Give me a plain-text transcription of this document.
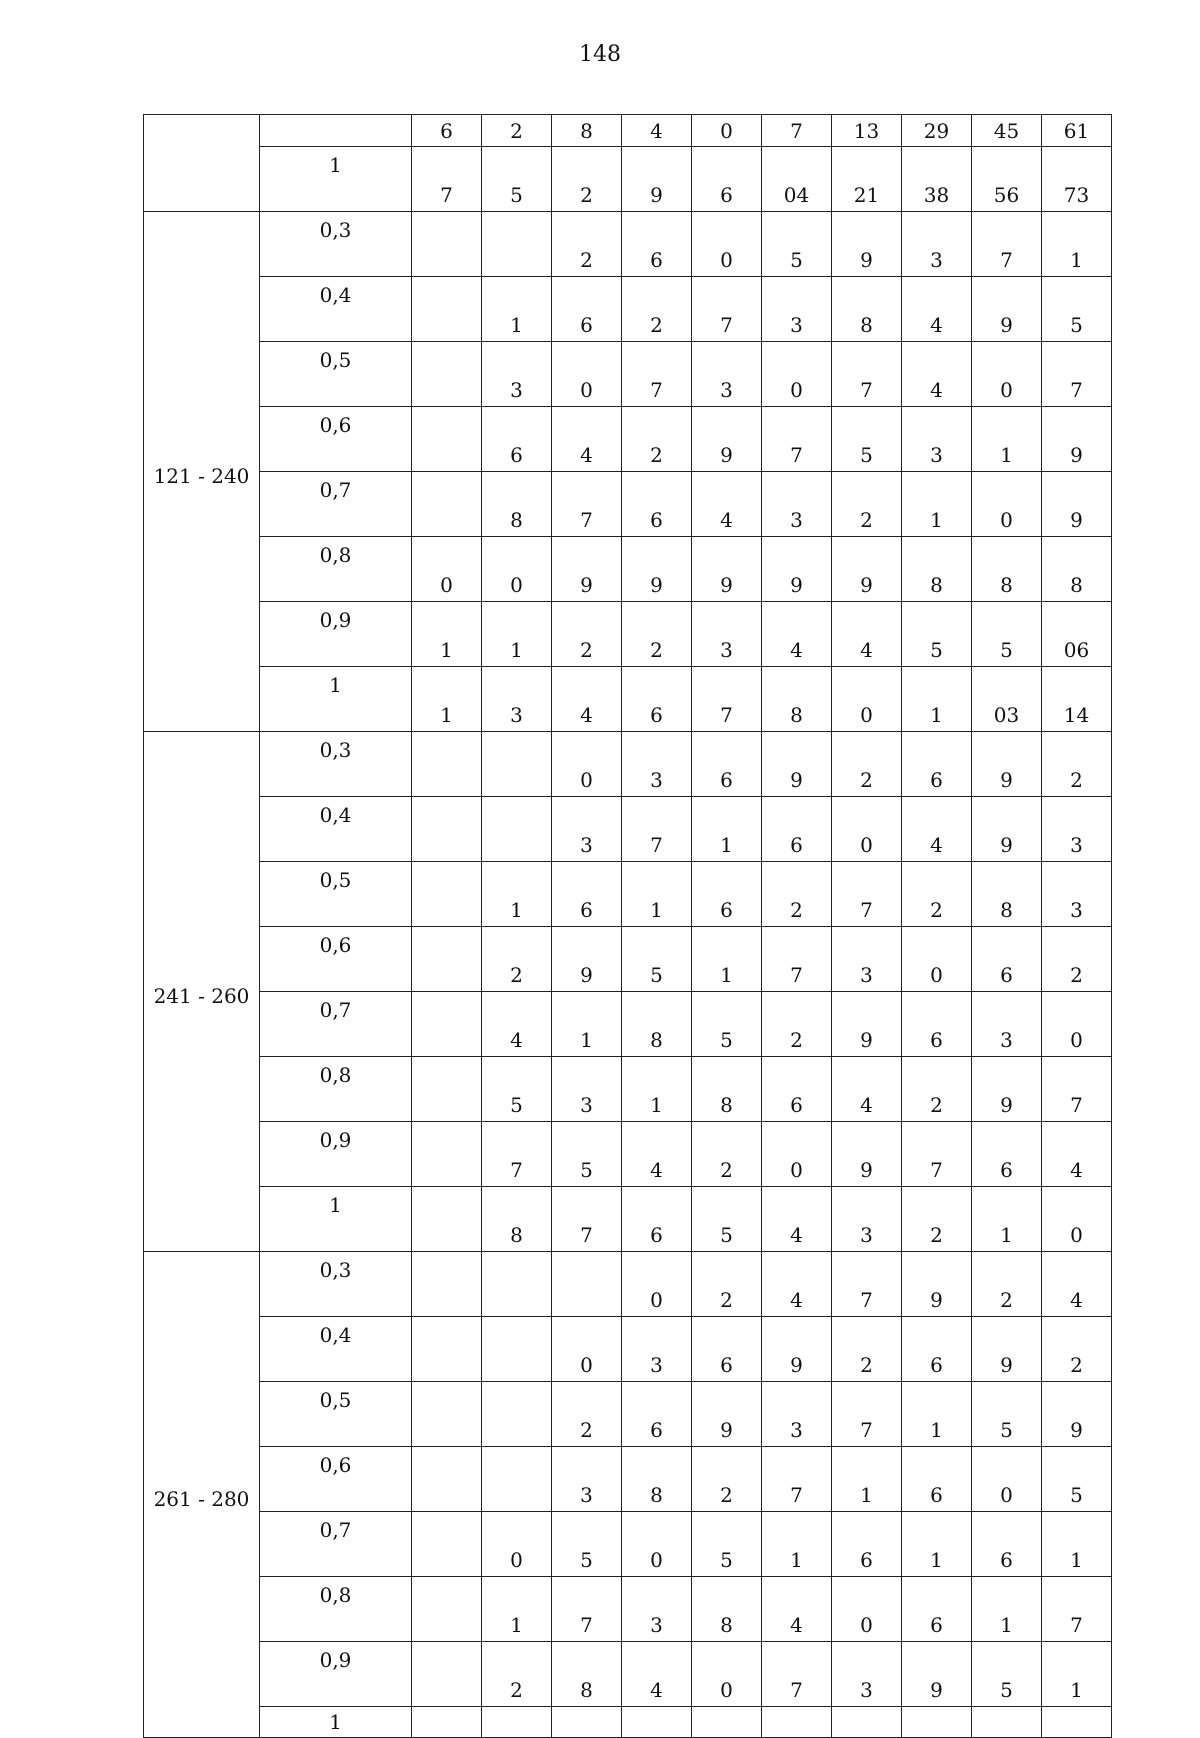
148
		6	2	8	4	0	7	13	29	45	61
	1	7	5	2	9	6	04	21	38	56	73
121 - 240	0,3			2	6	0	5	9	3	7	1
	0,4		1	6	2	7	3	8	4	9	5
	0,5		3	0	7	3	0	7	4	0	7
	0,6		6	4	2	9	7	5	3	1	9
	0,7		8	7	6	4	3	2	1	0	9
	0,8	0	0	9	9	9	9	9	8	8	8
	0,9	1	1	2	2	3	4	4	5	5	06
	1	1	3	4	6	7	8	0	1	03	14
241 - 260	0,3			0	3	6	9	2	6	9	2
	0,4			3	7	1	6	0	4	9	3
	0,5		1	6	1	6	2	7	2	8	3
	0,6		2	9	5	1	7	3	0	6	2
	0,7		4	1	8	5	2	9	6	3	0
	0,8		5	3	1	8	6	4	2	9	7
	0,9		7	5	4	2	0	9	7	6	4
	1		8	7	6	5	4	3	2	1	0
261 - 280	0,3				0	2	4	7	9	2	4
	0,4			0	3	6	9	2	6	9	2
	0,5			2	6	9	3	7	1	5	9
	0,6			3	8	2	7	1	6	0	5
	0,7		0	5	0	5	1	6	1	6	1
	0,8		1	7	3	8	4	0	6	1	7
	0,9		2	8	4	0	7	3	9	5	1
	1										
